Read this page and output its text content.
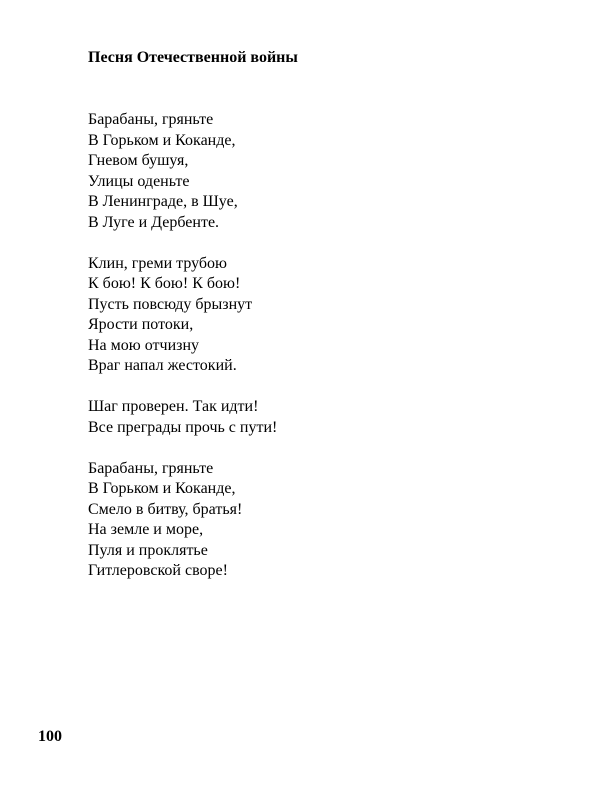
Песня Отечественной войны
Барабаны, гряньте
В Горьком и Коканде,
Гневом бушуя,
Улицы оденьте
В Ленинграде, в Шуе,
В Луге и Дербенте.
Клин, греми трубою
К бою! К бою! К бою!
Пусть повсюду брызнут
Ярости потоки,
На мою отчизну
Враг напал жестокий.
Шаг проверен. Так идти!
Все преграды прочь с пути!
Барабаны, гряньте
В Горьком и Коканде,
Смело в битву, братья!
На земле и море,
Пуля и проклятье
Гитлеровской своре!
100
